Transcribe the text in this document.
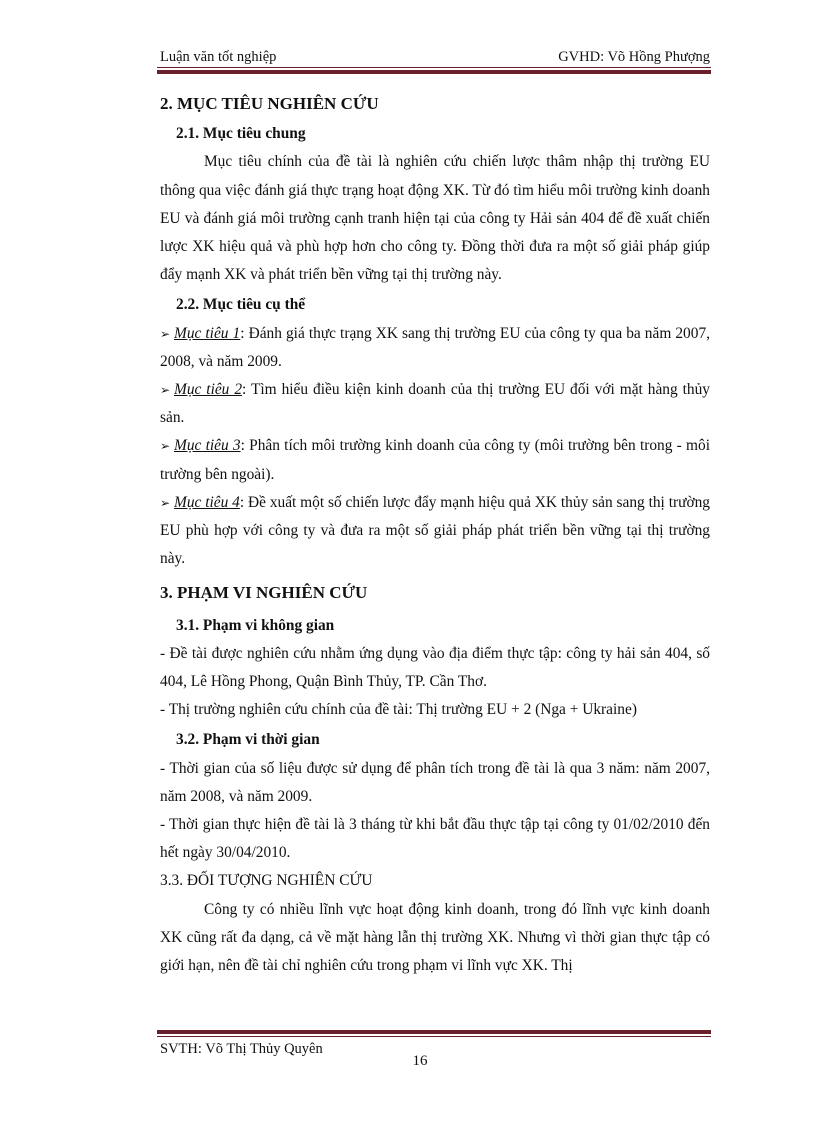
Luận văn tốt nghiệp	GVHD: Võ Hồng Phượng

2. MỤC TIÊU NGHIÊN CỨU

2.1. Mục tiêu chung

Mục tiêu chính của đề tài là nghiên cứu chiến lược thâm nhập thị trường EU thông qua việc đánh giá thực trạng hoạt động XK. Từ đó tìm hiểu môi trường kinh doanh EU và đánh giá môi trường cạnh tranh hiện tại của công ty Hải sản 404 để đề xuất chiến lược XK hiệu quả và phù hợp hơn cho công ty. Đồng thời đưa ra một số giải pháp giúp đẩy mạnh XK và phát triển bền vững tại thị trường này.

2.2. Mục tiêu cụ thể

➢ Mục tiêu 1: Đánh giá thực trạng XK sang thị trường EU của công ty qua ba năm 2007, 2008, và năm 2009.

➢ Mục tiêu 2: Tìm hiểu điều kiện kinh doanh của thị trường EU đối với mặt hàng thủy sản.

➢ Mục tiêu 3: Phân tích môi trường kinh doanh của công ty (môi trường bên trong - môi trường bên ngoài).

➢ Mục tiêu 4: Đề xuất một số chiến lược đẩy mạnh hiệu quả XK thủy sản sang thị trường EU phù hợp với công ty và đưa ra một số giải pháp phát triển bền vững tại thị trường này.

3. PHẠM VI NGHIÊN CỨU

3.1. Phạm vi không gian

- Đề tài được nghiên cứu nhằm ứng dụng vào địa điểm thực tập: công ty hải sản 404, số 404, Lê Hồng Phong, Quận Bình Thủy, TP. Cần Thơ.

- Thị trường nghiên cứu chính của đề tài: Thị trường EU + 2 (Nga + Ukraine)

3.2. Phạm vi thời gian

- Thời gian của số liệu được sử dụng để phân tích trong đề tài là qua 3 năm: năm 2007, năm 2008, và năm 2009.

- Thời gian thực hiện đề tài là 3 tháng từ khi bắt đầu thực tập tại công ty 01/02/2010 đến hết ngày 30/04/2010.

3.3. ĐỐI TƯỢNG NGHIÊN CỨU

Công ty có nhiều lĩnh vực hoạt động kinh doanh, trong đó lĩnh vực kinh doanh XK cũng rất đa dạng, cả về mặt hàng lẫn thị trường XK. Nhưng vì thời gian thực tập có giới hạn, nên đề tài chỉ nghiên cứu trong phạm vi lĩnh vực XK. Thị

SVTH: Võ Thị Thủy Quyên
16
